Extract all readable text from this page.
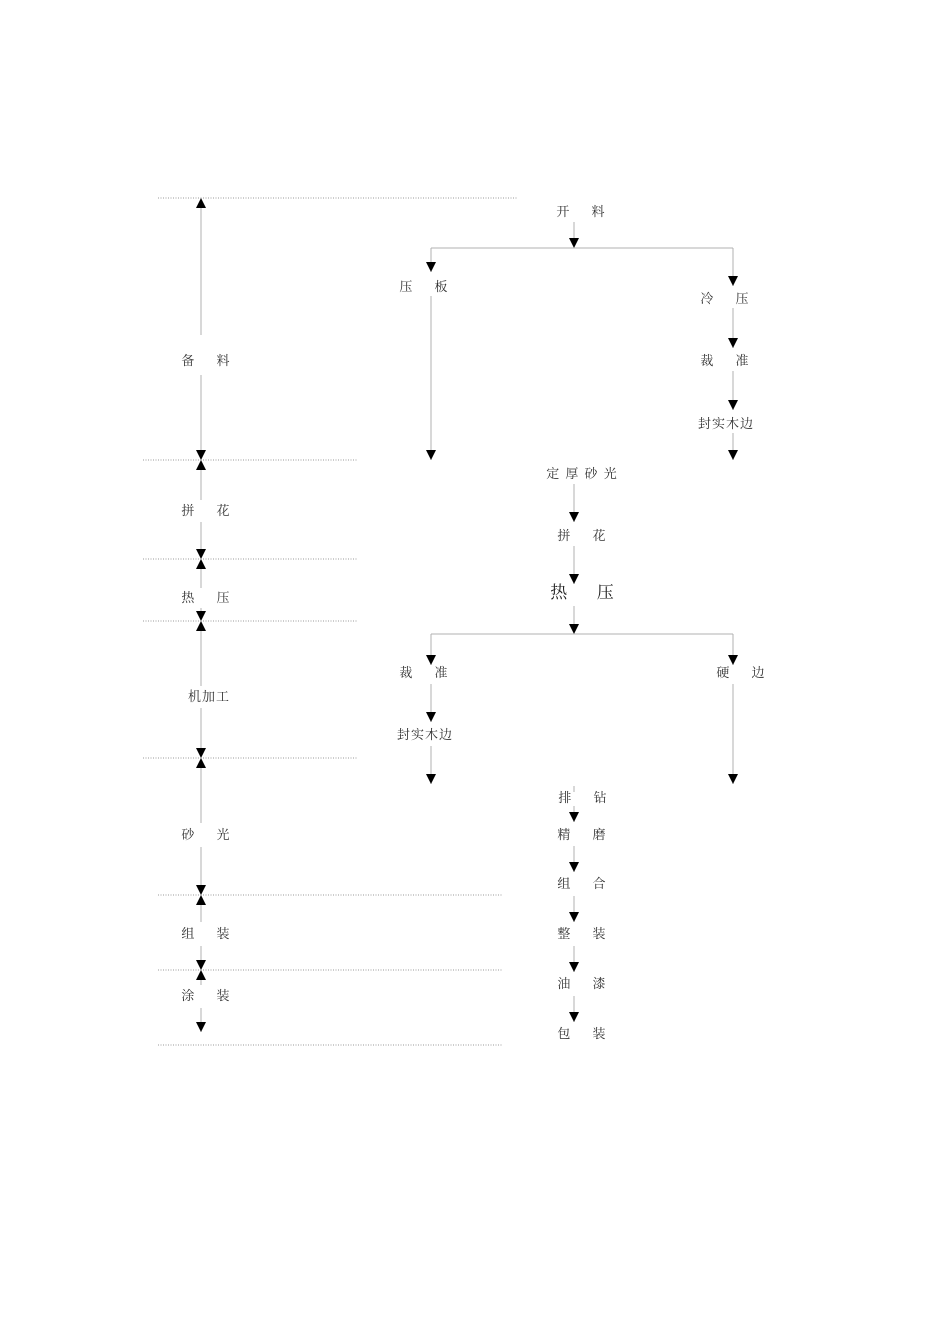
备 料
拼 花
热 压
机加工
砂 光
组 装
涂 装
开 料
压 板
冷 压
裁 准
封实木边
定 厚 砂 光
拼 花
热 压
裁 准
封实木边
硬 边
排 钻
精 磨
组 合
整 装
油 漆
包 装
